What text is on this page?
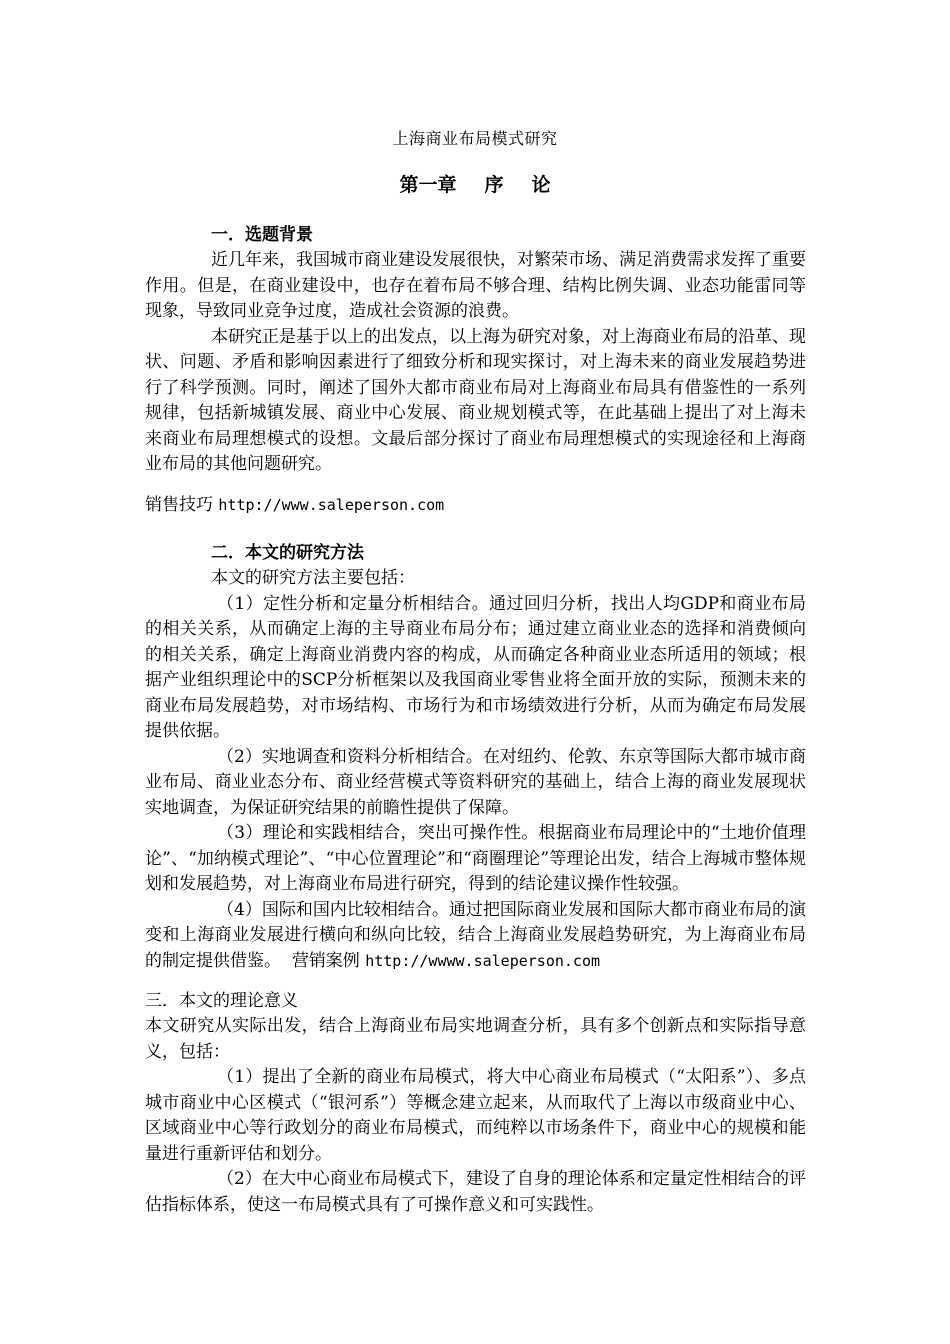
上海商业布局模式研究
第一章 序 论

一．选题背景

近几年来，我国城市商业建设发展很快，对繁荣市场、满足消费需求发挥了重要作用。但是，在商业建设中，也存在着布局不够合理、结构比例失调、业态功能雷同等现象，导致同业竞争过度，造成社会资源的浪费。

本研究正是基于以上的出发点，以上海为研究对象，对上海商业布局的沿革、现状、问题、矛盾和影响因素进行了细致分析和现实探讨，对上海未来的商业发展趋势进行了科学预测。同时，阐述了国外大都市商业布局对上海商业布局具有借鉴性的一系列规律，包括新城镇发展、商业中心发展、商业规划模式等，在此基础上提出了对上海未来商业布局理想模式的设想。文最后部分探讨了商业布局理想模式的实现途径和上海商业布局的其他问题研究。

销售技巧 http://www.saleperson.com

二．本文的研究方法

本文的研究方法主要包括：

（1）定性分析和定量分析相结合。通过回归分析，找出人均GDP和商业布局的相关关系，从而确定上海的主导商业布局分布；通过建立商业业态的选择和消费倾向的相关关系，确定上海商业消费内容的构成，从而确定各种商业业态所适用的领域；根据产业组织理论中的SCP分析框架以及我国商业零售业将全面开放的实际，预测未来的商业布局发展趋势，对市场结构、市场行为和市场绩效进行分析，从而为确定布局发展提供依据。

（2）实地调查和资料分析相结合。在对纽约、伦敦、东京等国际大都市城市商业布局、商业业态分布、商业经营模式等资料研究的基础上，结合上海的商业发展现状实地调查，为保证研究结果的前瞻性提供了保障。

（3）理论和实践相结合，突出可操作性。根据商业布局理论中的“土地价值理论”、“加纳模式理论”、“中心位置理论”和“商圈理论”等理论出发，结合上海城市整体规划和发展趋势，对上海商业布局进行研究，得到的结论建议操作性较强。

（4）国际和国内比较相结合。通过把国际商业发展和国际大都市商业布局的演变和上海商业发展进行横向和纵向比较，结合上海商业发展趋势研究，为上海商业布局的制定提供借鉴。 营销案例 http://wwww.saleperson.com

三．本文的理论意义

本文研究从实际出发，结合上海商业布局实地调查分析，具有多个创新点和实际指导意义，包括：

（1）提出了全新的商业布局模式，将大中心商业布局模式（“太阳系”）、多点城市商业中心区模式（“银河系”）等概念建立起来，从而取代了上海以市级商业中心、区域商业中心等行政划分的商业布局模式，而纯粹以市场条件下，商业中心的规模和能量进行重新评估和划分。

（2）在大中心商业布局模式下，建设了自身的理论体系和定量定性相结合的评估指标体系，使这一布局模式具有了可操作意义和可实践性。
